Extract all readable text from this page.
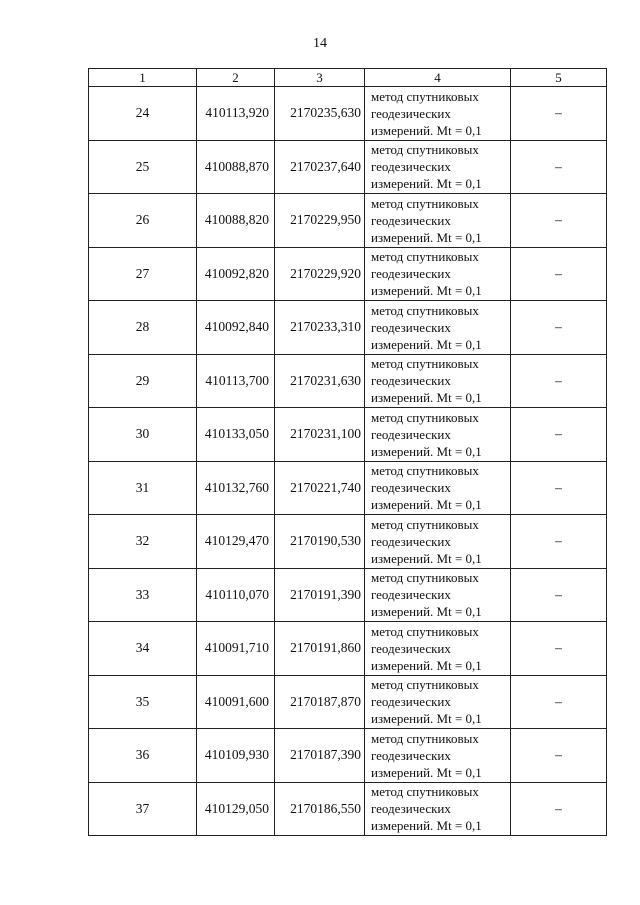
14
1	2	3	4	5
24	410113,920	2170235,630	метод спутниковых
геодезических
измерений. Mt = 0,1	–
25	410088,870	2170237,640	метод спутниковых
геодезических
измерений. Mt = 0,1	–
26	410088,820	2170229,950	метод спутниковых
геодезических
измерений. Mt = 0,1	–
27	410092,820	2170229,920	метод спутниковых
геодезических
измерений. Mt = 0,1	–
28	410092,840	2170233,310	метод спутниковых
геодезических
измерений. Mt = 0,1	–
29	410113,700	2170231,630	метод спутниковых
геодезических
измерений. Mt = 0,1	–
30	410133,050	2170231,100	метод спутниковых
геодезических
измерений. Mt = 0,1	–
31	410132,760	2170221,740	метод спутниковых
геодезических
измерений. Mt = 0,1	–
32	410129,470	2170190,530	метод спутниковых
геодезических
измерений. Mt = 0,1	–
33	410110,070	2170191,390	метод спутниковых
геодезических
измерений. Mt = 0,1	–
34	410091,710	2170191,860	метод спутниковых
геодезических
измерений. Mt = 0,1	–
35	410091,600	2170187,870	метод спутниковых
геодезических
измерений. Mt = 0,1	–
36	410109,930	2170187,390	метод спутниковых
геодезических
измерений. Mt = 0,1	–
37	410129,050	2170186,550	метод спутниковых
геодезических
измерений. Mt = 0,1	–
